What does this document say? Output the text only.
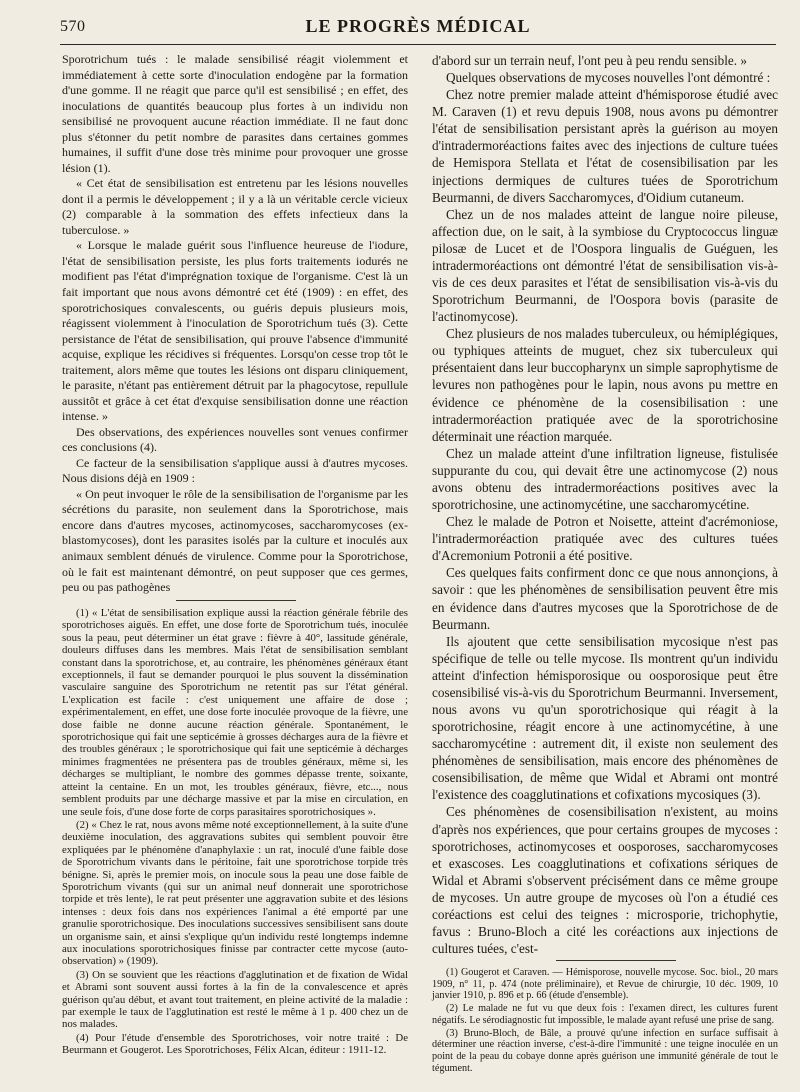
570	LE PROGRÈS MÉDICAL

Sporotrichum tués : le malade sensibilisé réagit violemment et immédiatement à cette sorte d'inoculation endogène par la formation d'une gomme. Il ne réagit que parce qu'il est sensibilisé ; en effet, des inoculations de quantités beaucoup plus fortes à un individu non sensibilisé ne provoquent aucune réaction immédiate. Il ne faut donc plus s'étonner du petit nombre de parasites dans certaines gommes humaines, il suffit d'une dose très minime pour provoquer une grosse lésion (1).

« Cet état de sensibilisation est entretenu par les lésions nouvelles dont il a permis le développement ; il y a là un véritable cercle vicieux (2) comparable à la sommation des effets infectieux dans la tuberculose. »

« Lorsque le malade guérit sous l'influence heureuse de l'iodure, l'état de sensibilisation persiste, les plus forts traitements iodurés ne modifient pas l'état d'imprégnation toxique de l'organisme. C'est là un fait important que nous avons démontré cet été (1909) : en effet, des sporotrichosiques convalescents, ou guéris depuis plusieurs mois, réagissent violemment à l'inoculation de Sporotrichum tués (3). Cette persistance de l'état de sensibilisation, qui prouve l'absence d'immunité acquise, explique les récidives si fréquentes. Lorsqu'on cesse trop tôt le traitement, alors même que toutes les lésions ont disparu cliniquement, le parasite, n'étant pas entièrement détruit par la phagocytose, repullule aussitôt et grâce à cet état d'exquise sensibilisation donne une réaction intense. »

Des observations, des expériences nouvelles sont venues confirmer ces conclusions (4).

Ce facteur de la sensibilisation s'applique aussi à d'autres mycoses. Nous disions déjà en 1909 :

« On peut invoquer le rôle de la sensibilisation de l'organisme par les sécrétions du parasite, non seulement dans la Sporotrichose, mais encore dans d'autres mycoses, actinomycoses, saccharomycoses (ex-blastomycoses), dont les parasites isolés par la culture et inoculés aux animaux semblent dénués de virulence. Comme pour la Sporotrichose, où le fait est maintenant démontré, on peut supposer que ces germes, peu ou pas pathogènes

(1) « L'état de sensibilisation explique aussi la réaction générale fébrile des sporotrichoses aiguës. En effet, une dose forte de Sporotrichum tués, inoculée sous la peau, peut déterminer un état grave : fièvre à 40°, lassitude générale, douleurs diffuses dans les membres. Mais l'état de sensibilisation semblant constant dans la sporotrichose, et, au contraire, les phénomènes généraux étant exceptionnels, il faut se demander pourquoi le plus souvent la dissémination vasculaire sanguine des Sporotrichum ne retentit pas sur l'état général. L'explication est facile : c'est uniquement une affaire de dose ; expérimentalement, en effet, une dose forte inoculée provoque de la fièvre, une dose faible ne donne aucune réaction générale. Spontanément, le sporotrichosique qui fait une septicémie à grosses décharges aura de la fièvre et des troubles généraux ; le sporotrichosique qui fait une septicémie à décharges minimes fragmentées ne présentera pas de troubles généraux, même si, les décharges se multipliant, le nombre des gommes dépasse trente, soixante, atteint la centaine. En un mot, les troubles généraux, fièvre, etc..., nous semblent produits par une décharge massive et par la mise en circulation, en une seule fois, d'une dose forte de corps parasitaires sporotrichosiques ».

(2) « Chez le rat, nous avons même noté exceptionnellement, à la suite d'une deuxième inoculation, des aggravations subites qui semblent pouvoir être expliquées par le phénomène d'anaphylaxie : un rat, inoculé d'une faible dose de Sporotrichum vivants dans le péritoine, fait une sporotrichose torpide très bénigne. Si, après le premier mois, on inocule sous la peau une dose faible de Sporotrichum vivants (qui sur un animal neuf donnerait une sporotrichose torpide et très lente), le rat peut présenter une aggravation subite et des lésions intenses : deux fois dans nos expériences l'animal a été emporté par une granulie sporotrichosique. Des inoculations successives sensibilisent sans doute un organisme sain, et ainsi s'explique qu'un individu resté longtemps indemne aux inoculations sporotrichosiques finisse par contracter cette mycose (auto-observation) » (1909).

(3) On se souvient que les réactions d'agglutination et de fixation de Widal et Abrami sont souvent aussi fortes à la fin de la convalescence et après guérison qu'au début, et avant tout traitement, en pleine activité de la maladie : par exemple le taux de l'agglutination est resté le même à 1 p. 400 chez un de nos malades.

(4) Pour l'étude d'ensemble des Sporotrichoses, voir notre traité : De Beurmann et Gougerot. Les Sporotrichoses, Félix Alcan, éditeur : 1911-12.

d'abord sur un terrain neuf, l'ont peu à peu rendu sensible. »

Quelques observations de mycoses nouvelles l'ont démontré :

Chez notre premier malade atteint d'hémisporose étudié avec M. Caraven (1) et revu depuis 1908, nous avons pu démontrer l'état de sensibilisation persistant après la guérison au moyen d'intradermoréactions faites avec des injections de culture tuées de Hemispora Stellata et l'état de cosensibilisation par les injections dermiques de cultures tuées de Sporotrichum Beurmanni, de divers Saccharomyces, d'Oidium cutaneum.

Chez un de nos malades atteint de langue noire pileuse, affection due, on le sait, à la symbiose du Cryptococcus linguæ pilosæ de Lucet et de l'Oospora lingualis de Guéguen, les intradermoréactions ont démontré l'état de sensibilisation vis-à-vis de ces deux parasites et l'état de sensibilisation vis-à-vis du Sporotrichum Beurmanni, de l'Oospora bovis (parasite de l'actinomycose).

Chez plusieurs de nos malades tuberculeux, ou hémiplégiques, ou typhiques atteints de muguet, chez six tuberculeux qui présentaient dans leur buccopharynx un simple saprophytisme de levures non pathogènes pour le lapin, nous avons pu mettre en évidence ce phénomène de la cosensibilisation : une intradermoréaction pratiquée avec de la sporotrichosine déterminait une réaction marquée.

Chez un malade atteint d'une infiltration ligneuse, fistulisée suppurante du cou, qui devait être une actinomycose (2) nous avons obtenu des intradermoréactions positives avec la sporotrichosine, une actinomycétine, une saccharomycétine.

Chez le malade de Potron et Noisette, atteint d'acrémoniose, l'intradermoréaction pratiquée avec des cultures tuées d'Acremonium Potronii a été positive.

Ces quelques faits confirment donc ce que nous annonçions, à savoir : que les phénomènes de sensibilisation peuvent être mis en évidence dans d'autres mycoses que la Sporotrichose de de Beurmann.

Ils ajoutent que cette sensibilisation mycosique n'est pas spécifique de telle ou telle mycose. Ils montrent qu'un individu atteint d'infection hémisporosique ou oosporosique peut être cosensibilisé vis-à-vis du Sporotrichum Beurmanni. Inversement, nous avons vu qu'un sporotrichosique qui réagit à la sporotrichosine, réagit encore à une actinomycétine, à une saccharomycétine : autrement dit, il existe non seulement des phénomènes de sensibilisation, mais encore des phénomènes de cosensibilisation, de même que Widal et Abrami ont montré l'existence des coagglutinations et cofixations mycosiques (3).

Ces phénomènes de cosensibilisation n'existent, au moins d'après nos expériences, que pour certains groupes de mycoses : sporotrichoses, actinomycoses et oosporoses, saccharomycoses et exascoses. Les coagglutinations et cofixations sériques de Widal et Abrami s'observent précisément dans ce même groupe de mycoses. Un autre groupe de mycoses où l'on a étudié ces coréactions est celui des teignes : microsporie, trichophytie, favus : Bruno-Bloch a cité les coréactions aux injections de cultures tuées, c'est-

(1) Gougerot et Caraven. — Hémisporose, nouvelle mycose. Soc. biol., 20 mars 1909, n° 11, p. 474 (note préliminaire), et Revue de chirurgie, 10 déc. 1909, 10 janvier 1910, p. 896 et p. 66 (étude d'ensemble).

(2) Le malade ne fut vu que deux fois : l'examen direct, les cultures furent négatifs. Le sérodiagnostic fut impossible, le malade ayant refusé une prise de sang.

(3) Bruno-Bloch, de Bâle, a prouvé qu'une infection en surface suffisait à déterminer une réaction inverse, c'est-à-dire l'immunité : une teigne inoculée en un point de la peau du cobaye donne après guérison une immunité générale de tout le tégument.
